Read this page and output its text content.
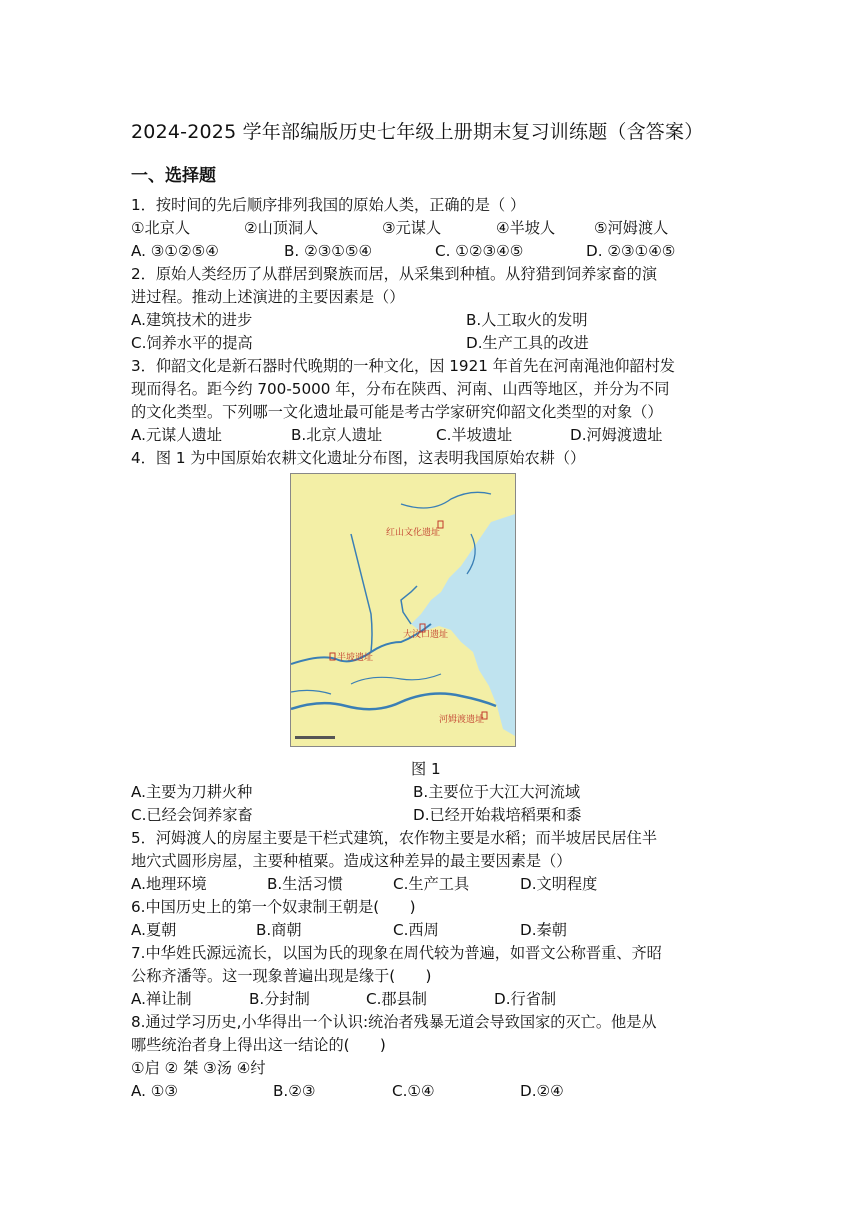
2024-2025 学年部编版历史七年级上册期末复习训练题（含答案）
一、选择题
1．按时间的先后顺序排列我国的原始人类，正确的是（ ）
①北京人	②山顶洞人	③元谋人	④半坡人	⑤河姆渡人
A. ③①②⑤④	B. ②③①⑤④	C. ①②③④⑤	D. ②③①④⑤
2．原始人类经历了从群居到聚族而居，从采集到种植。从狩猎到饲养家畜的演
进过程。推动上述演进的主要因素是（）
A.建筑技术的进步	B.人工取火的发明
C.饲养水平的提高	D.生产工具的改进
3．仰韶文化是新石器时代晚期的一种文化，因 1921 年首先在河南渑池仰韶村发
现而得名。距今约 700-5000 年，分布在陕西、河南、山西等地区，并分为不同
的文化类型。下列哪一文化遗址最可能是考古学家研究仰韶文化类型的对象（）
A.元谋人遗址	B.北京人遗址	C.半坡遗址	D.河姆渡遗址
4．图 1 为中国原始农耕文化遗址分布图，这表明我国原始农耕（）
红山文化遗址
大汶口遗址
半坡遗址
河姆渡遗址
图 1
A.主要为刀耕火种	B.主要位于大江大河流域
C.已经会饲养家畜	D.已经开始栽培稻栗和黍
5．河姆渡人的房屋主要是干栏式建筑，农作物主要是水稻；而半坡居民居住半
地穴式圆形房屋，主要种植粟。造成这种差异的最主要因素是（）
A.地理环境	B.生活习惯	C.生产工具	D.文明程度
6.中国历史上的第一个奴隶制王朝是(　　)
A.夏朝	B.商朝	C.西周	D.秦朝
7.中华姓氏源远流长，以国为氏的现象在周代较为普遍，如晋文公称晋重、齐昭
公称齐潘等。这一现象普遍出现是缘于(　　)
A.禅让制	B.分封制	C.郡县制	D.行省制
8.通过学习历史,小华得出一个认识:统治者残暴无道会导致国家的灭亡。他是从
哪些统治者身上得出这一结论的(　　)
①启 ② 桀 ③汤 ④纣
A. ①③	B.②③	C.①④	D.②④
